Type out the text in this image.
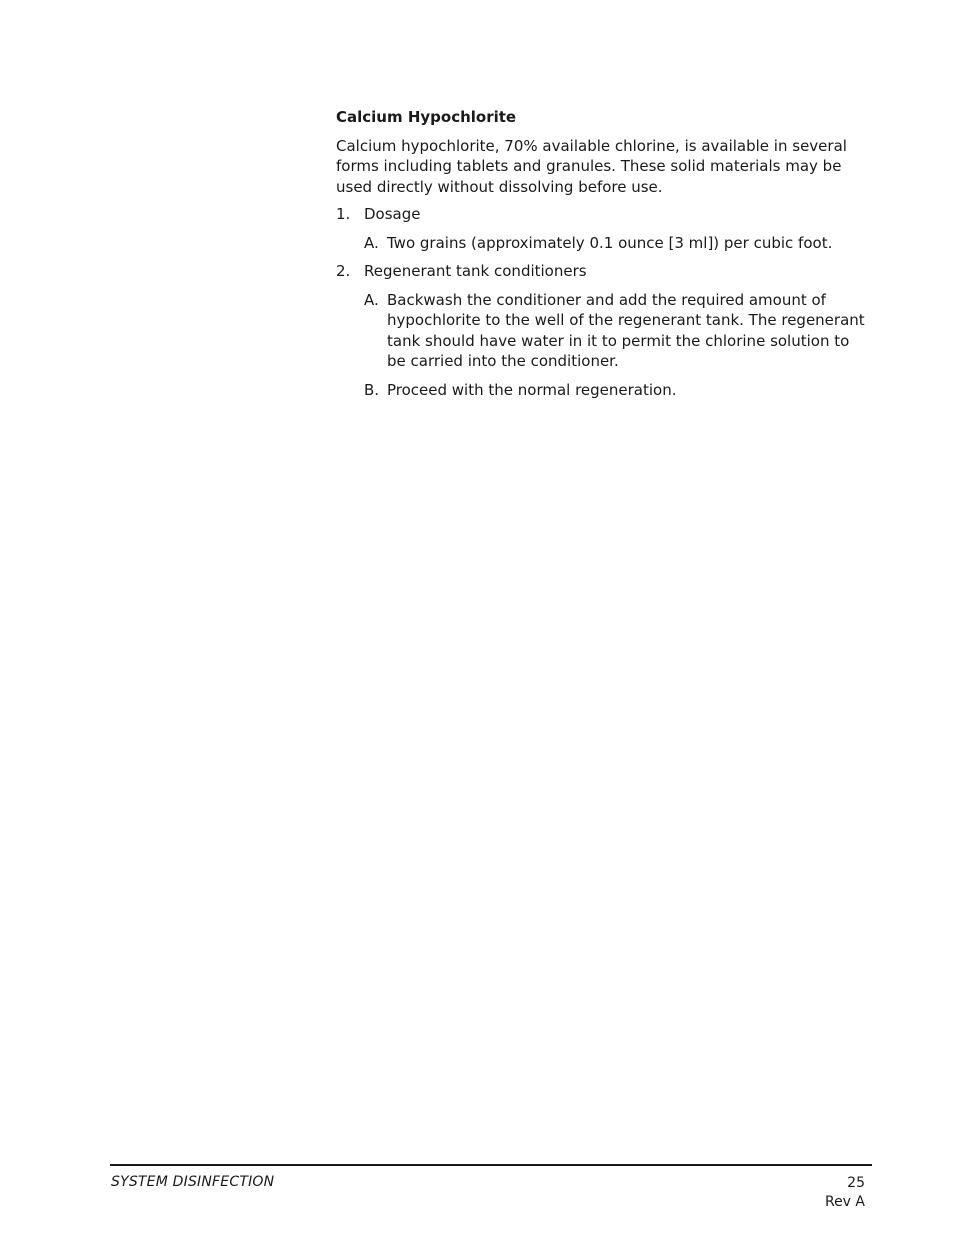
Calcium Hypochlorite

Calcium hypochlorite, 70% available chlorine, is available in several forms including tablets and granules. These solid materials may be used directly without dissolving before use.

1. Dosage
A. Two grains (approximately 0.1 ounce [3 ml]) per cubic foot.
2. Regenerant tank conditioners
A. Backwash the conditioner and add the required amount of hypochlorite to the well of the regenerant tank. The regenerant tank should have water in it to permit the chlorine solution to be carried into the conditioner.
B. Proceed with the normal regeneration.
SYSTEM DISINFECTION	25
Rev A
